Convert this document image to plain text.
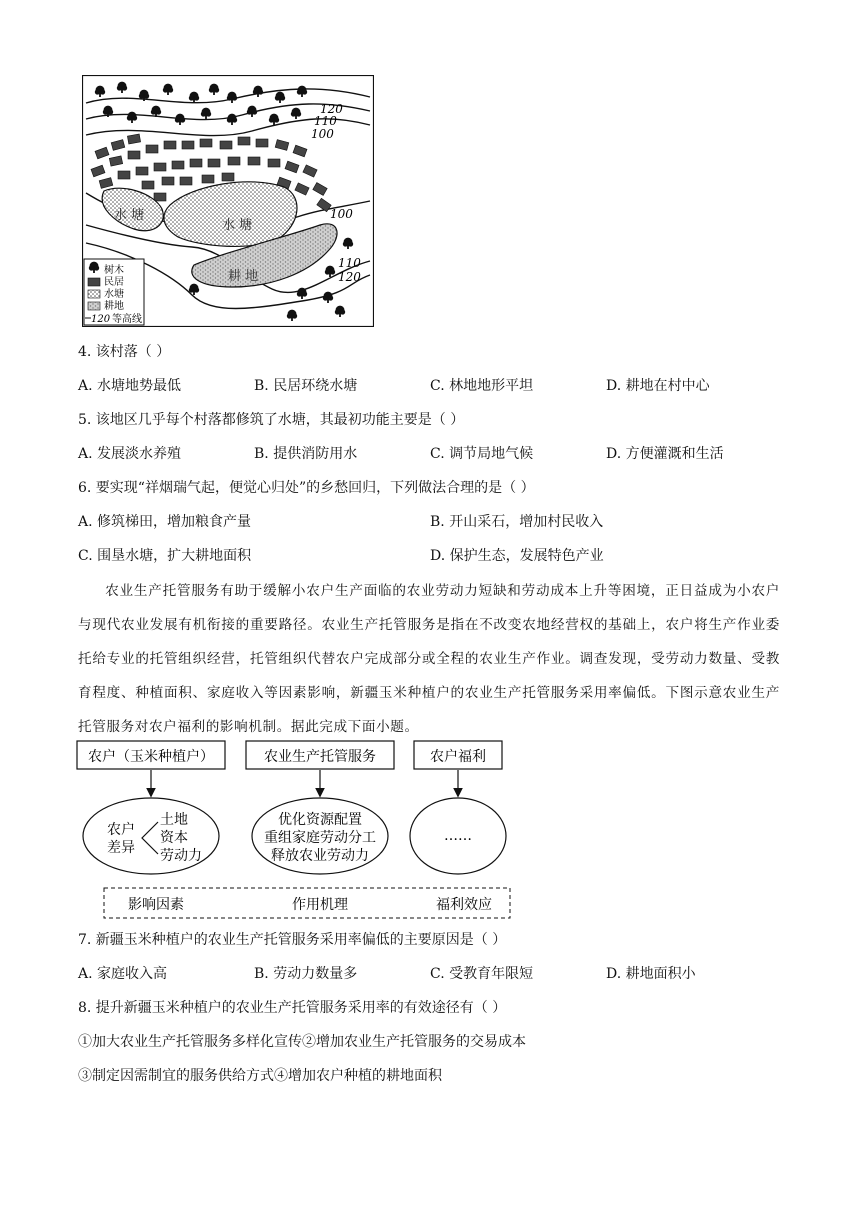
120
110
100
100
110
120
水 塘
水 塘
耕 地
树木
民居
水塘
耕地
120 等高线
4. 该村落（ ）
A. 水塘地势最低	B. 民居环绕水塘	C. 林地地形平坦	D. 耕地在村中心
5. 该地区几乎每个村落都修筑了水塘，其最初功能主要是（ ）
A. 发展淡水养殖	B. 提供消防用水	C. 调节局地气候	D. 方便灌溉和生活
6. 要实现“祥烟瑞气起，便觉心归处”的乡愁回归，下列做法合理的是（ ）
A. 修筑梯田，增加粮食产量	B. 开山采石，增加村民收入
C. 围垦水塘，扩大耕地面积	D. 保护生态，发展特色产业

农业生产托管服务有助于缓解小农户生产面临的农业劳动力短缺和劳动成本上升等困境，正日益成为小农户与现代农业发展有机衔接的重要路径。农业生产托管服务是指在不改变农地经营权的基础上，农户将生产作业委托给专业的托管组织经营，托管组织代替农户完成部分或全程的农业生产作业。调查发现，受劳动力数量、受教育程度、种植面积、家庭收入等因素影响，新疆玉米种植户的农业生产托管服务采用率偏低。下图示意农业生产托管服务对农户福利的影响机制。据此完成下面小题。

农户（玉米种植户）	农业生产托管服务	农户福利
农户
差异
土地
资本
劳动力
优化资源配置
重组家庭劳动分工
释放农业劳动力
……
影响因素	作用机理	福利效应
7. 新疆玉米种植户的农业生产托管服务采用率偏低的主要原因是（ ）
A. 家庭收入高	B. 劳动力数量多	C. 受教育年限短	D. 耕地面积小
8. 提升新疆玉米种植户的农业生产托管服务采用率的有效途径有（ ）
①加大农业生产托管服务多样化宣传②增加农业生产托管服务的交易成本
③制定因需制宜的服务供给方式④增加农户种植的耕地面积
